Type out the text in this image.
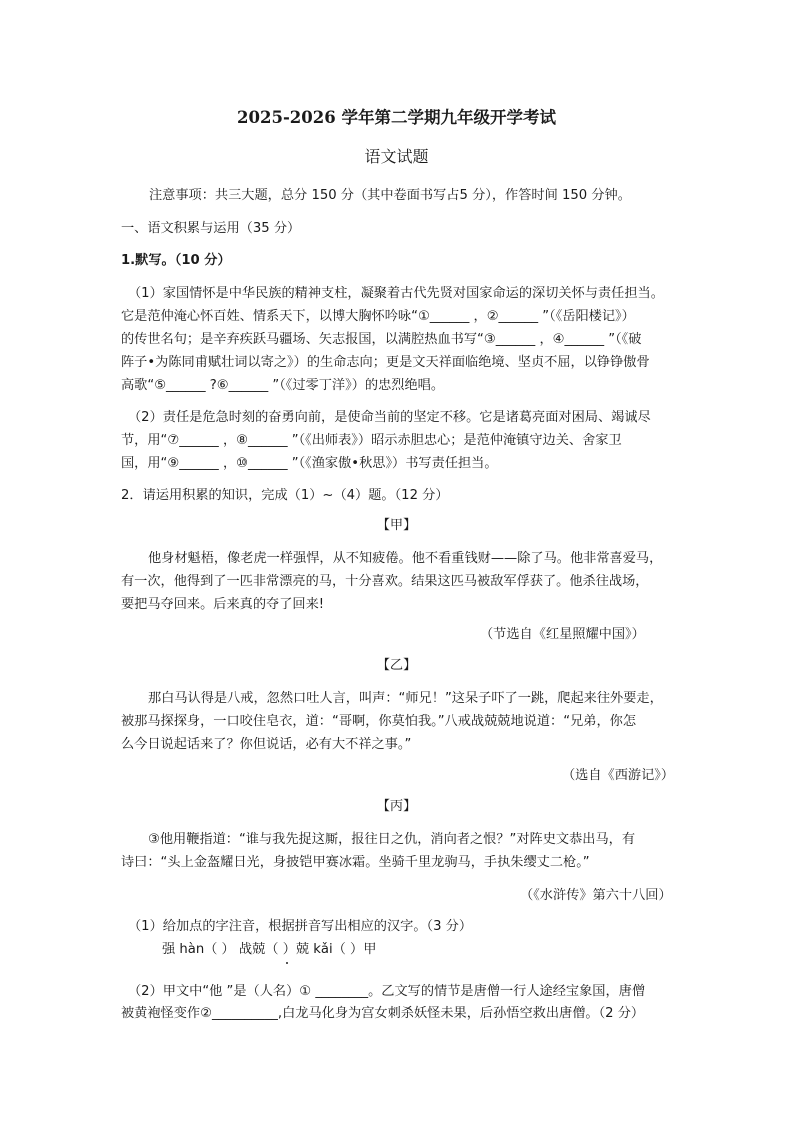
2025-2026 学年第二学期九年级开学考试
语文试题
注意事项：共三大题，总分 150 分（其中卷面书写占5 分），作答时间 150 分钟。
一、语文积累与运用（35 分）
1.默写。（10 分）
（1）家国情怀是中华民族的精神支柱，凝聚着古代先贤对国家命运的深切关怀与责任担当。
它是范仲淹心怀百姓、情系天下，以博大胸怀吟咏“①______ ，②______ ”（《岳阳楼记》）
的传世名句；是辛弃疾跃马疆场、矢志报国，以满腔热血书写“③______ ，④______ ”（《破
阵子•为陈同甫赋壮词以寄之》）的生命志向；更是文天祥面临绝境、坚贞不屈，以铮铮傲骨
高歌“⑤______ ?⑥______ ”（《过零丁洋》）的忠烈绝唱。
（2）责任是危急时刻的奋勇向前，是使命当前的坚定不移。它是诸葛亮面对困局、竭诚尽
节，用“⑦______ ，⑧______ ”（《出师表》）昭示赤胆忠心；是范仲淹镇守边关、舍家卫
国，用“⑨______ ，⑩______ ”（《渔家傲•秋思》）书写责任担当。
2．请运用积累的知识，完成（1）~（4）题。（12 分）
【甲】
他身材魁梧，像老虎一样强悍，从不知疲倦。他不看重钱财——除了马。他非常喜爱马，
有一次，他得到了一匹非常漂亮的马，十分喜欢。结果这匹马被敌军俘获了。他杀往战场，
要把马夺回来。后来真的夺了回来!
（节选自《红星照耀中国》）
【乙】
那白马认得是八戒，忽然口吐人言，叫声：“师兄！”这呆子吓了一跳，爬起来往外要走，
被那马探探身，一口咬住皂衣，道：“哥啊，你莫怕我。”八戒战兢兢地说道：“兄弟，你怎
么今日说起话来了？你但说话，必有大不祥之事。”
（选自《西游记》）
【丙】
③他用鞭指道：“谁与我先捉这厮，报往日之仇，消向者之恨？”对阵史文恭出马，有
诗曰：“头上金盔耀日光，身披铠甲赛冰霜。坐骑千里龙驹马，手执朱缨丈二枪。”
（《水浒传》第六十八回）
（1）给加点的字注音，根据拼音写出相应的汉字。（3 分）
强 hàn（ ） 战兢（ ）兢 kǎi（ ）甲
（2）甲文中“他 ”是（人名）① ________。乙文写的情节是唐僧一行人途经宝象国，唐僧
被黄袍怪变作②__________,白龙马化身为宫女刺杀妖怪未果，后孙悟空救出唐僧。（2 分）
